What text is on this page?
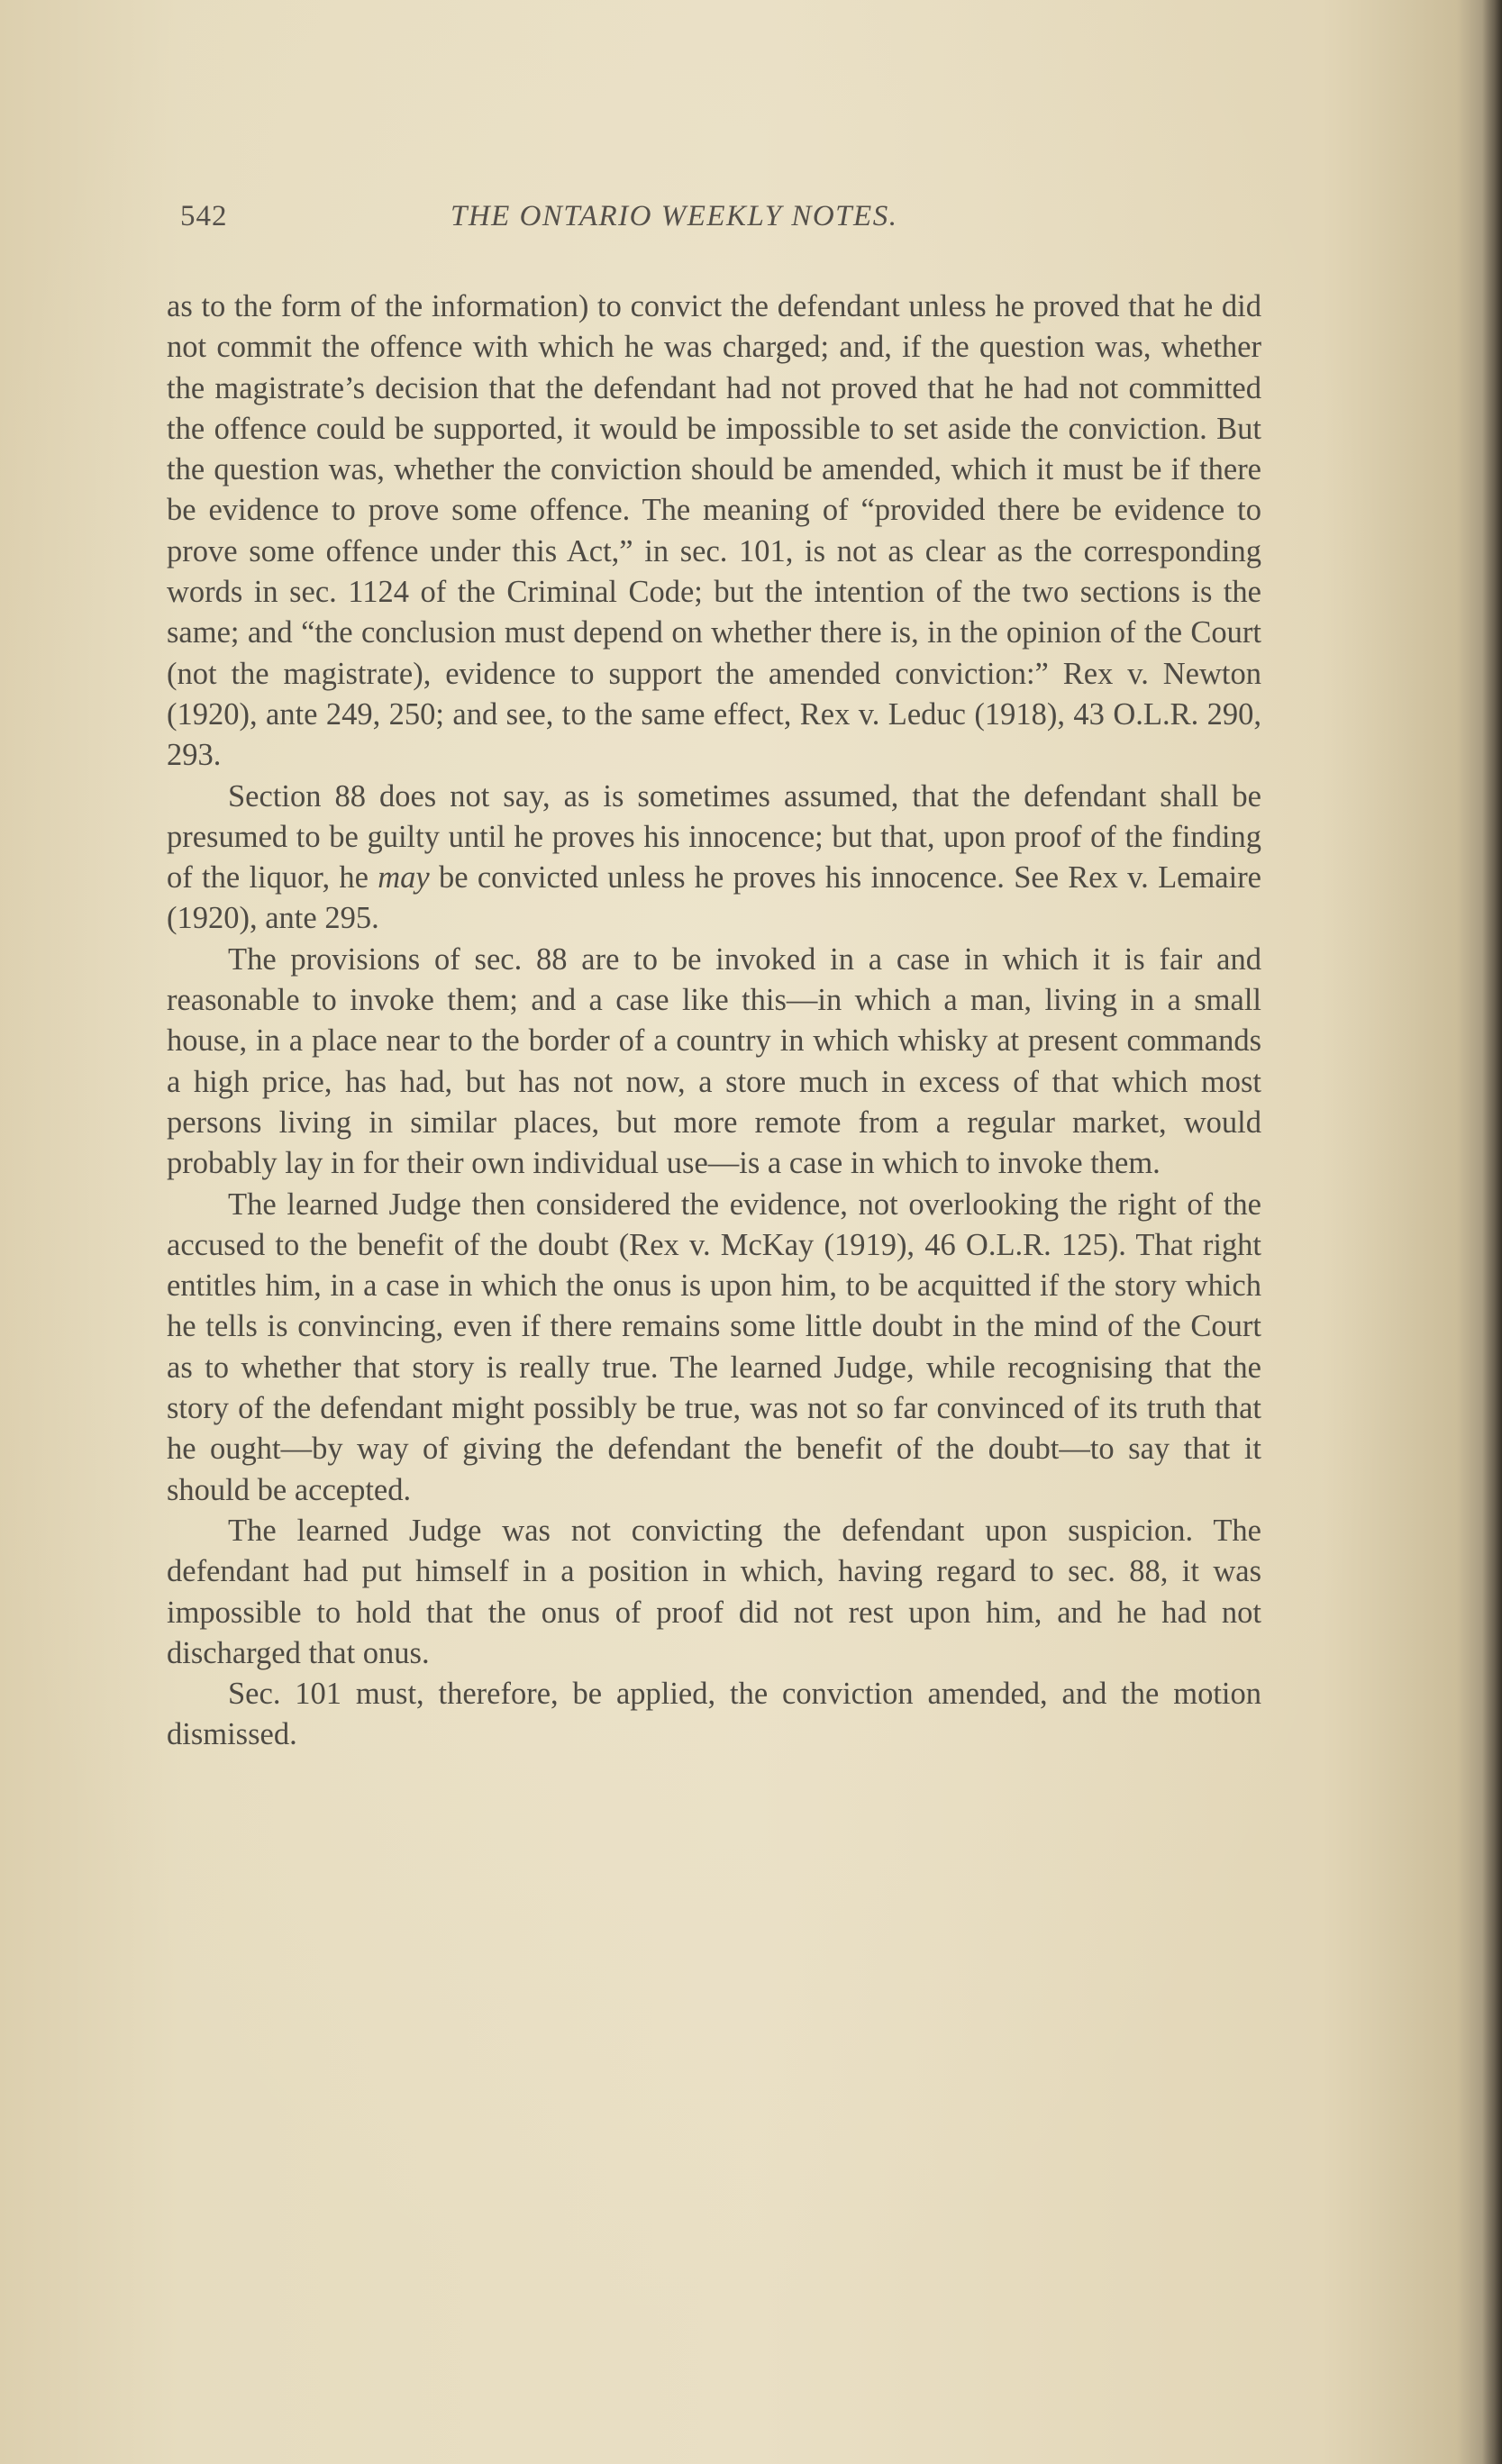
542	THE ONTARIO WEEKLY NOTES.

as to the form of the information) to convict the defendant unless he proved that he did not commit the offence with which he was charged; and, if the question was, whether the magistrate’s decision that the defendant had not proved that he had not committed the offence could be supported, it would be impossible to set aside the conviction. But the question was, whether the conviction should be amended, which it must be if there be evidence to prove some offence. The meaning of “provided there be evidence to prove some offence under this Act,” in sec. 101, is not as clear as the corresponding words in sec. 1124 of the Criminal Code; but the intention of the two sections is the same; and “the conclusion must depend on whether there is, in the opinion of the Court (not the magistrate), evidence to support the amended conviction:” Rex v. Newton (1920), ante 249, 250; and see, to the same effect, Rex v. Leduc (1918), 43 O.L.R. 290, 293.

Section 88 does not say, as is sometimes assumed, that the defendant shall be presumed to be guilty until he proves his innocence; but that, upon proof of the finding of the liquor, he may be convicted unless he proves his innocence. See Rex v. Lemaire (1920), ante 295.

The provisions of sec. 88 are to be invoked in a case in which it is fair and reasonable to invoke them; and a case like this—in which a man, living in a small house, in a place near to the border of a country in which whisky at present commands a high price, has had, but has not now, a store much in excess of that which most persons living in similar places, but more remote from a regular market, would probably lay in for their own individual use—is a case in which to invoke them.

The learned Judge then considered the evidence, not overlooking the right of the accused to the benefit of the doubt (Rex v. McKay (1919), 46 O.L.R. 125). That right entitles him, in a case in which the onus is upon him, to be acquitted if the story which he tells is convincing, even if there remains some little doubt in the mind of the Court as to whether that story is really true. The learned Judge, while recognising that the story of the defendant might possibly be true, was not so far convinced of its truth that he ought—by way of giving the defendant the benefit of the doubt—to say that it should be accepted.

The learned Judge was not convicting the defendant upon suspicion. The defendant had put himself in a position in which, having regard to sec. 88, it was impossible to hold that the onus of proof did not rest upon him, and he had not discharged that onus.

Sec. 101 must, therefore, be applied, the conviction amended, and the motion dismissed.
